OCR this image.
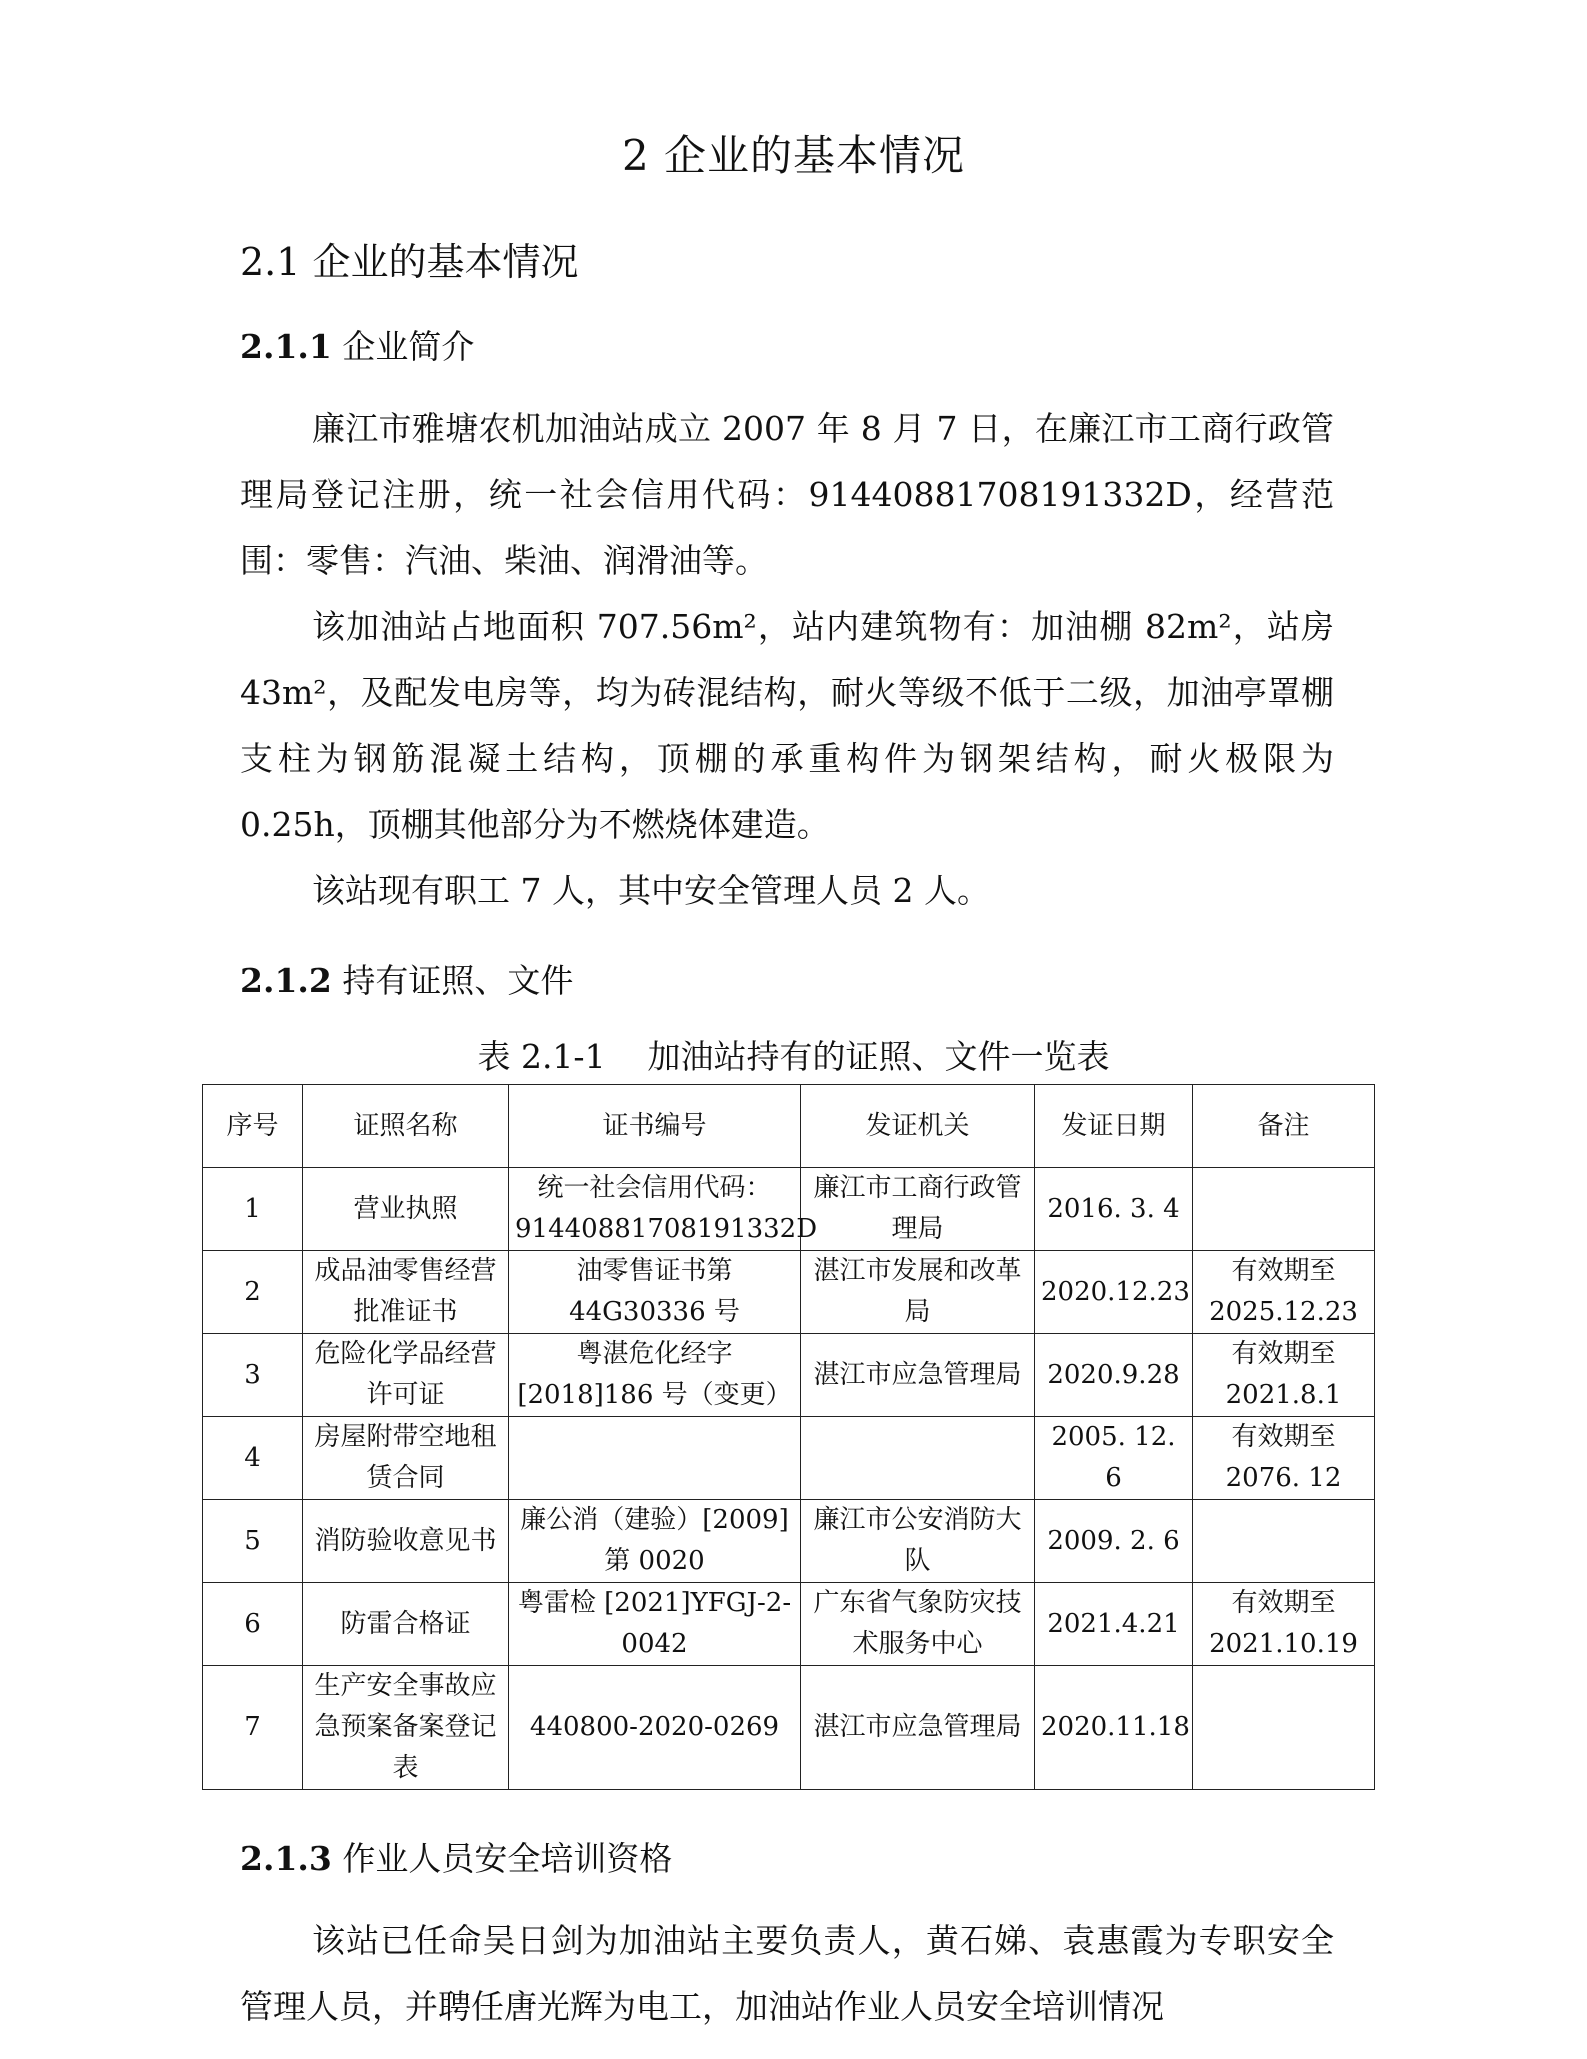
2 企业的基本情况
2.1 企业的基本情况
2.1.1 企业简介

廉江市雅塘农机加油站成立 2007 年 8 月 7 日，在廉江市工商行政管理局登记注册，统一社会信用代码：91440881708191332D，经营范围：零售：汽油、柴油、润滑油等。

该加油站占地面积 707.56m²，站内建筑物有：加油棚 82m²，站房 43m²，及配发电房等，均为砖混结构，耐火等级不低于二级，加油亭罩棚支柱为钢筋混凝土结构，顶棚的承重构件为钢架结构，耐火极限为 0.25h，顶棚其他部分为不燃烧体建造。

该站现有职工 7 人，其中安全管理人员 2 人。

2.1.2 持有证照、文件
表 2.1-1    加油站持有的证照、文件一览表
序号	证照名称	证书编号	发证机关	发证日期	备注
1	营业执照	统一社会信用代码：91440881708191332D	廉江市工商行政管理局	2016. 3. 4	
2	成品油零售经营批准证书	油零售证书第 44G30336 号	湛江市发展和改革局	2020.12.23	有效期至 2025.12.23
3	危险化学品经营许可证	粤湛危化经字 [2018]186 号（变更）	湛江市应急管理局	2020.9.28	有效期至 2021.8.1
4	房屋附带空地租赁合同			2005. 12. 6	有效期至 2076. 12
5	消防验收意见书	廉公消（建验）[2009] 第 0020	廉江市公安消防大队	2009. 2. 6	
6	防雷合格证	粤雷检 [2021]YFGJ-2-0042	广东省气象防灾技术服务中心	2021.4.21	有效期至 2021.10.19
7	生产安全事故应急预案备案登记表	440800-2020-0269	湛江市应急管理局	2020.11.18	
2.1.3 作业人员安全培训资格

该站已任命吴日剑为加油站主要负责人，黄石娣、袁惠霞为专职安全管理人员，并聘任唐光辉为电工，加油站作业人员安全培训情况
